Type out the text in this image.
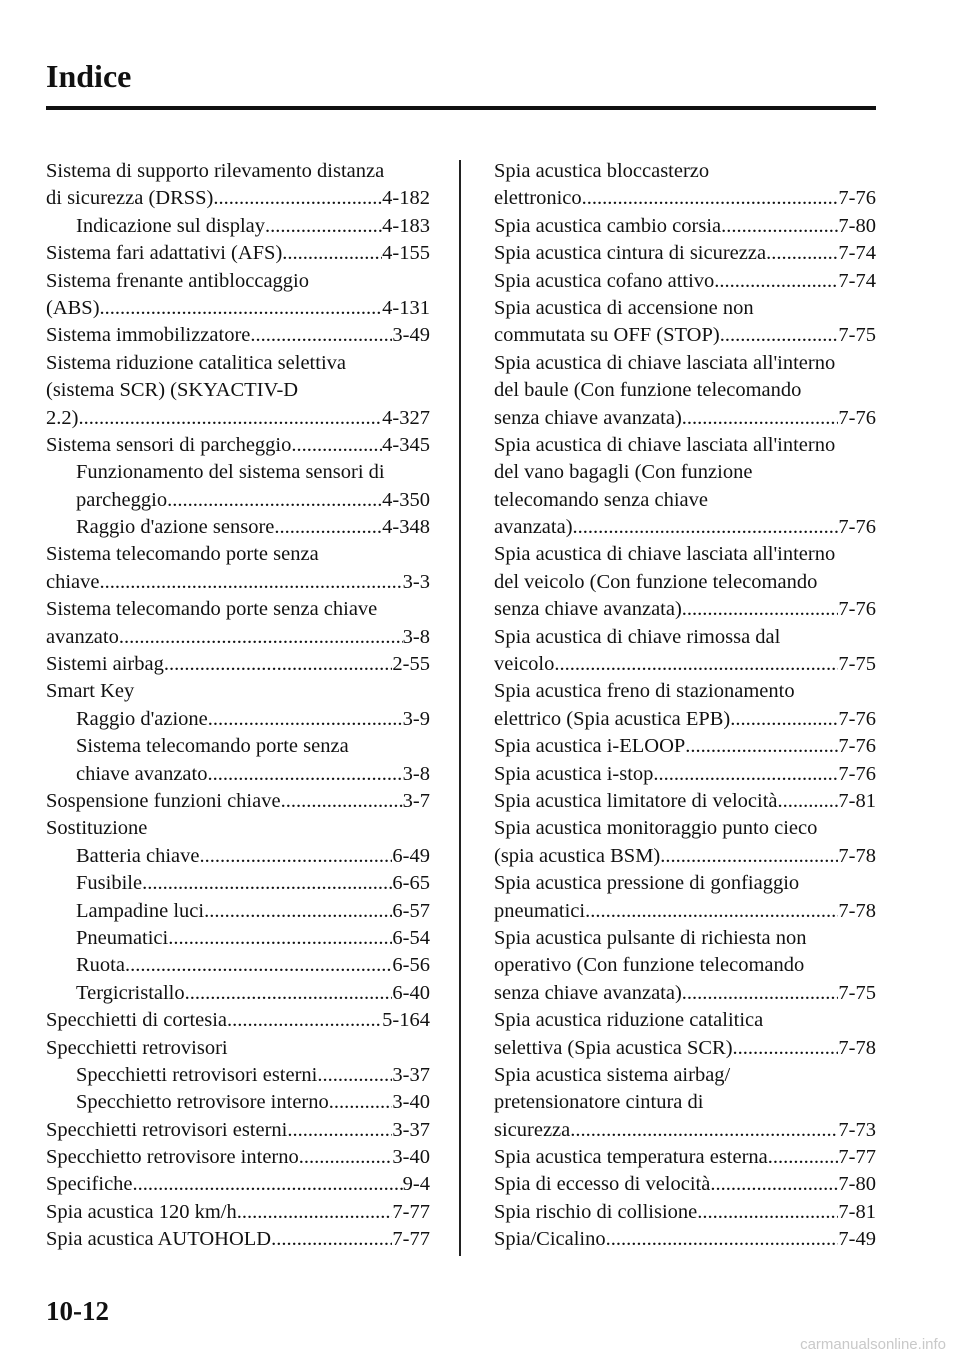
Indice
Sistema di supporto rilevamento distanza
di sicurezza (DRSS) .....	4-182
Indicazione sul display .....	4-183
Sistema fari adattativi (AFS) .....	4-155
Sistema frenante antibloccaggio
(ABS) .....	4-131
Sistema immobilizzatore .....	3-49
Sistema riduzione catalitica selettiva
(sistema SCR) (SKYACTIV-D
2.2) .....	4-327
Sistema sensori di parcheggio .....	4-345
Funzionamento del sistema sensori di
parcheggio .....	4-350
Raggio d'azione sensore .....	4-348
Sistema telecomando porte senza
chiave .....	3-3
Sistema telecomando porte senza chiave
avanzato .....	3-8
Sistemi airbag .....	2-55
Smart Key
Raggio d'azione .....	3-9
Sistema telecomando porte senza
chiave avanzato .....	3-8
Sospensione funzioni chiave .....	3-7
Sostituzione
Batteria chiave .....	6-49
Fusibile .....	6-65
Lampadine luci .....	6-57
Pneumatici .....	6-54
Ruota .....	6-56
Tergicristallo .....	6-40
Specchietti di cortesia .....	5-164
Specchietti retrovisori
Specchietti retrovisori esterni .....	3-37
Specchietto retrovisore interno .....	3-40
Specchietti retrovisori esterni .....	3-37
Specchietto retrovisore interno .....	3-40
Specifiche .....	9-4
Spia acustica 120 km/h .....	7-77
Spia acustica AUTOHOLD .....	7-77
Spia acustica bloccasterzo
elettronico .....	7-76
Spia acustica cambio corsia .....	7-80
Spia acustica cintura di sicurezza .....	7-74
Spia acustica cofano attivo .....	7-74
Spia acustica di accensione non
commutata su OFF (STOP) .....	7-75
Spia acustica di chiave lasciata all'interno
del baule (Con funzione telecomando
senza chiave avanzata) .....	7-76
Spia acustica di chiave lasciata all'interno
del vano bagagli (Con funzione
telecomando senza chiave
avanzata) .....	7-76
Spia acustica di chiave lasciata all'interno
del veicolo (Con funzione telecomando
senza chiave avanzata) .....	7-76
Spia acustica di chiave rimossa dal
veicolo .....	7-75
Spia acustica freno di stazionamento
elettrico (Spia acustica EPB) .....	7-76
Spia acustica i-ELOOP .....	7-76
Spia acustica i-stop .....	7-76
Spia acustica limitatore di velocità .....	7-81
Spia acustica monitoraggio punto cieco
(spia acustica BSM) .....	7-78
Spia acustica pressione di gonfiaggio
pneumatici .....	7-78
Spia acustica pulsante di richiesta non
operativo (Con funzione telecomando
senza chiave avanzata) .....	7-75
Spia acustica riduzione catalitica
selettiva (Spia acustica SCR) .....	7-78
Spia acustica sistema airbag/
pretensionatore cintura di
sicurezza .....	7-73
Spia acustica temperatura esterna .....	7-77
Spia di eccesso di velocità .....	7-80
Spia rischio di collisione .....	7-81
Spia/Cicalino .....	7-49
10-12
carmanualsonline.info
